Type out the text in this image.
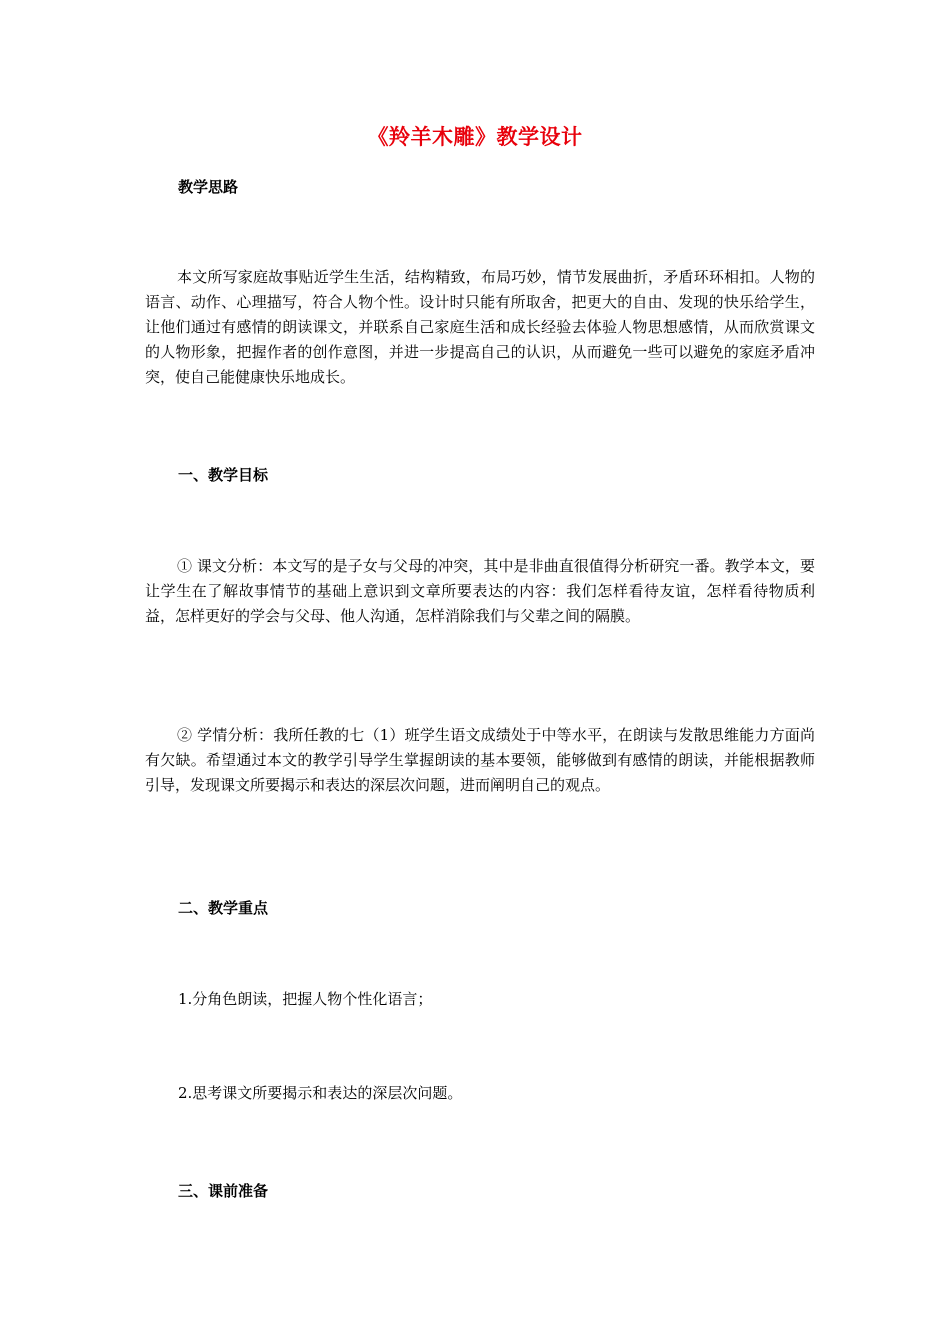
《羚羊木雕》教学设计
教学思路

本文所写家庭故事贴近学生生活，结构精致，布局巧妙，情节发展曲折，矛盾环环相扣。人物的语言、动作、心理描写，符合人物个性。设计时只能有所取舍，把更大的自由、发现的快乐给学生，让他们通过有感情的朗读课文，并联系自己家庭生活和成长经验去体验人物思想感情，从而欣赏课文的人物形象，把握作者的创作意图，并进一步提高自己的认识，从而避免一些可以避免的家庭矛盾冲突，使自己能健康快乐地成长。

一、教学目标

① 课文分析：本文写的是子女与父母的冲突，其中是非曲直很值得分析研究一番。教学本文，要让学生在了解故事情节的基础上意识到文章所要表达的内容：我们怎样看待友谊，怎样看待物质利益，怎样更好的学会与父母、他人沟通，怎样消除我们与父辈之间的隔膜。

② 学情分析：我所任教的七（1）班学生语文成绩处于中等水平，在朗读与发散思维能力方面尚有欠缺。希望通过本文的教学引导学生掌握朗读的基本要领，能够做到有感情的朗读，并能根据教师引导，发现课文所要揭示和表达的深层次问题，进而阐明自己的观点。

二、教学重点
1.分角色朗读，把握人物个性化语言；
2.思考课文所要揭示和表达的深层次问题。
三、课前准备
